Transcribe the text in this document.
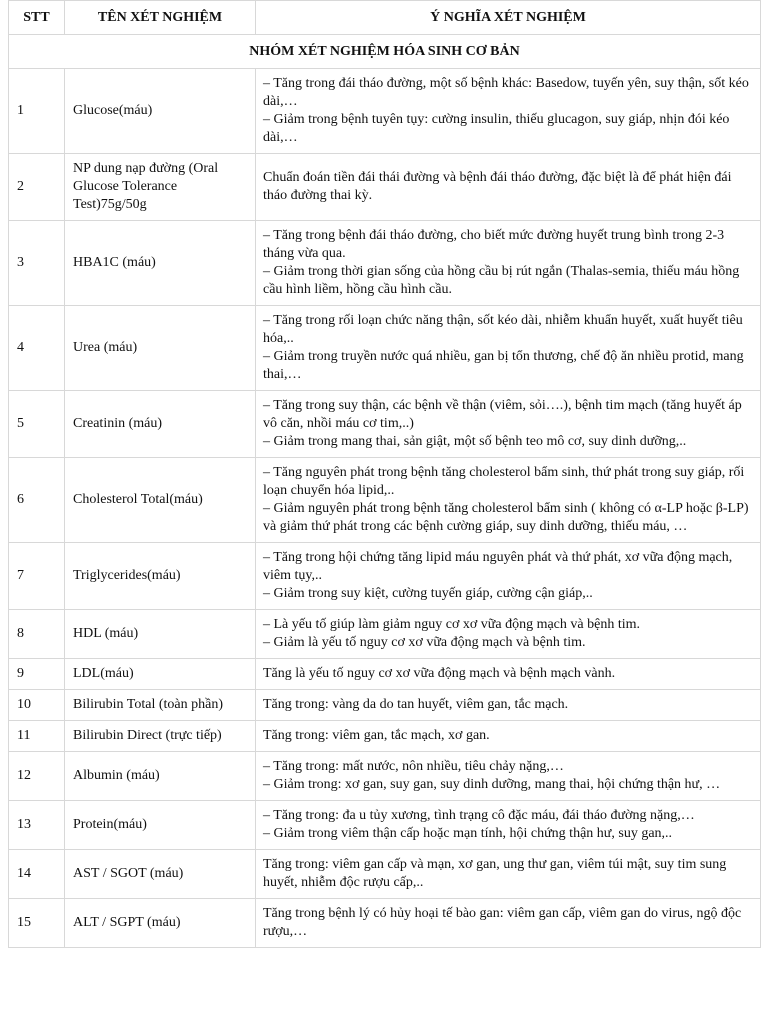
STT	TÊN XÉT NGHIỆM	Ý NGHĨA XÉT NGHIỆM
NHÓM XÉT NGHIỆM HÓA SINH CƠ BẢN		
1	Glucose(máu)	– Tăng trong đái tháo đường, một số bệnh khác: Basedow, tuyến yên, suy thận, sốt kéo dài,…
– Giảm trong bệnh tuyên tụy: cường insulin, thiếu glucagon, suy giáp, nhịn đói kéo dài,…

2	NP dung nạp đường (Oral Glucose Tolerance Test)75g/50g	Chuẩn đoán tiền đái thái đường và bệnh đái tháo đường, đặc biệt là để phát hiện đái tháo đường thai kỳ.

3	HBA1C (máu)	– Tăng trong bệnh đái tháo đường, cho biết mức đường huyết trung bình trong 2-3 tháng vừa qua.
– Giảm trong thời gian sống của hồng cầu bị rút ngắn (Thalas-semia, thiếu máu hồng cầu hình liềm, hồng cầu hình cầu.

4	Urea (máu)	– Tăng trong rối loạn chức năng thận, sốt kéo dài, nhiễm khuẩn huyết, xuất huyết tiêu hóa,..
– Giảm trong truyền nước quá nhiều, gan bị tổn thương, chế độ ăn nhiều protid, mang thai,…

5	Creatinin (máu)	– Tăng trong suy thận, các bệnh về thận (viêm, sỏi….), bệnh tim mạch (tăng huyết áp vô căn, nhồi máu cơ tim,..)
– Giảm trong mang thai, sản giật, một số bệnh teo mô cơ, suy dinh dưỡng,..

6	Cholesterol Total(máu)	– Tăng nguyên phát trong bệnh tăng cholesterol bẩm sinh, thứ phát trong suy giáp, rối loạn chuyển hóa lipid,..
– Giảm nguyên phát trong bệnh tăng cholesterol bẩm sinh ( không có α-LP hoặc β-LP) và giảm thứ phát trong các bệnh cường giáp, suy dinh dưỡng, thiếu máu, …

7	Triglycerides(máu)	– Tăng trong hội chứng tăng lipid máu nguyên phát và thứ phát, xơ vữa động mạch, viêm tụy,..
– Giảm trong suy kiệt, cường tuyến giáp, cường cận giáp,..

8	HDL (máu)	– Là yếu tố giúp làm giảm nguy cơ xơ vữa động mạch và bệnh tim.
– Giảm là yếu tố nguy cơ xơ vữa động mạch và bệnh tim.

9	LDL(máu)	Tăng là yếu tố nguy cơ xơ vữa động mạch và bệnh mạch vành.

10	Bilirubin Total (toàn phần)	Tăng trong: vàng da do tan huyết, viêm gan, tắc mạch.

11	Bilirubin Direct (trực tiếp)	Tăng trong: viêm gan, tắc mạch, xơ gan.

12	Albumin (máu)	– Tăng trong: mất nước, nôn nhiều, tiêu chảy nặng,…
– Giảm trong: xơ gan, suy gan, suy dinh dưỡng, mang thai, hội chứng thận hư, …

13	Protein(máu)	– Tăng trong: đa u tủy xương, tình trạng cô đặc máu, đái tháo đường nặng,…
– Giảm trong viêm thận cấp hoặc mạn tính, hội chứng thận hư, suy gan,..

14	AST / SGOT (máu)	Tăng trong: viêm gan cấp và mạn, xơ gan, ung thư gan, viêm túi mật, suy tim sung huyết, nhiễm độc rượu cấp,..

15	ALT / SGPT (máu)	Tăng trong bệnh lý có hủy hoại tế bào gan: viêm gan cấp, viêm gan do virus, ngộ độc rượu,…
